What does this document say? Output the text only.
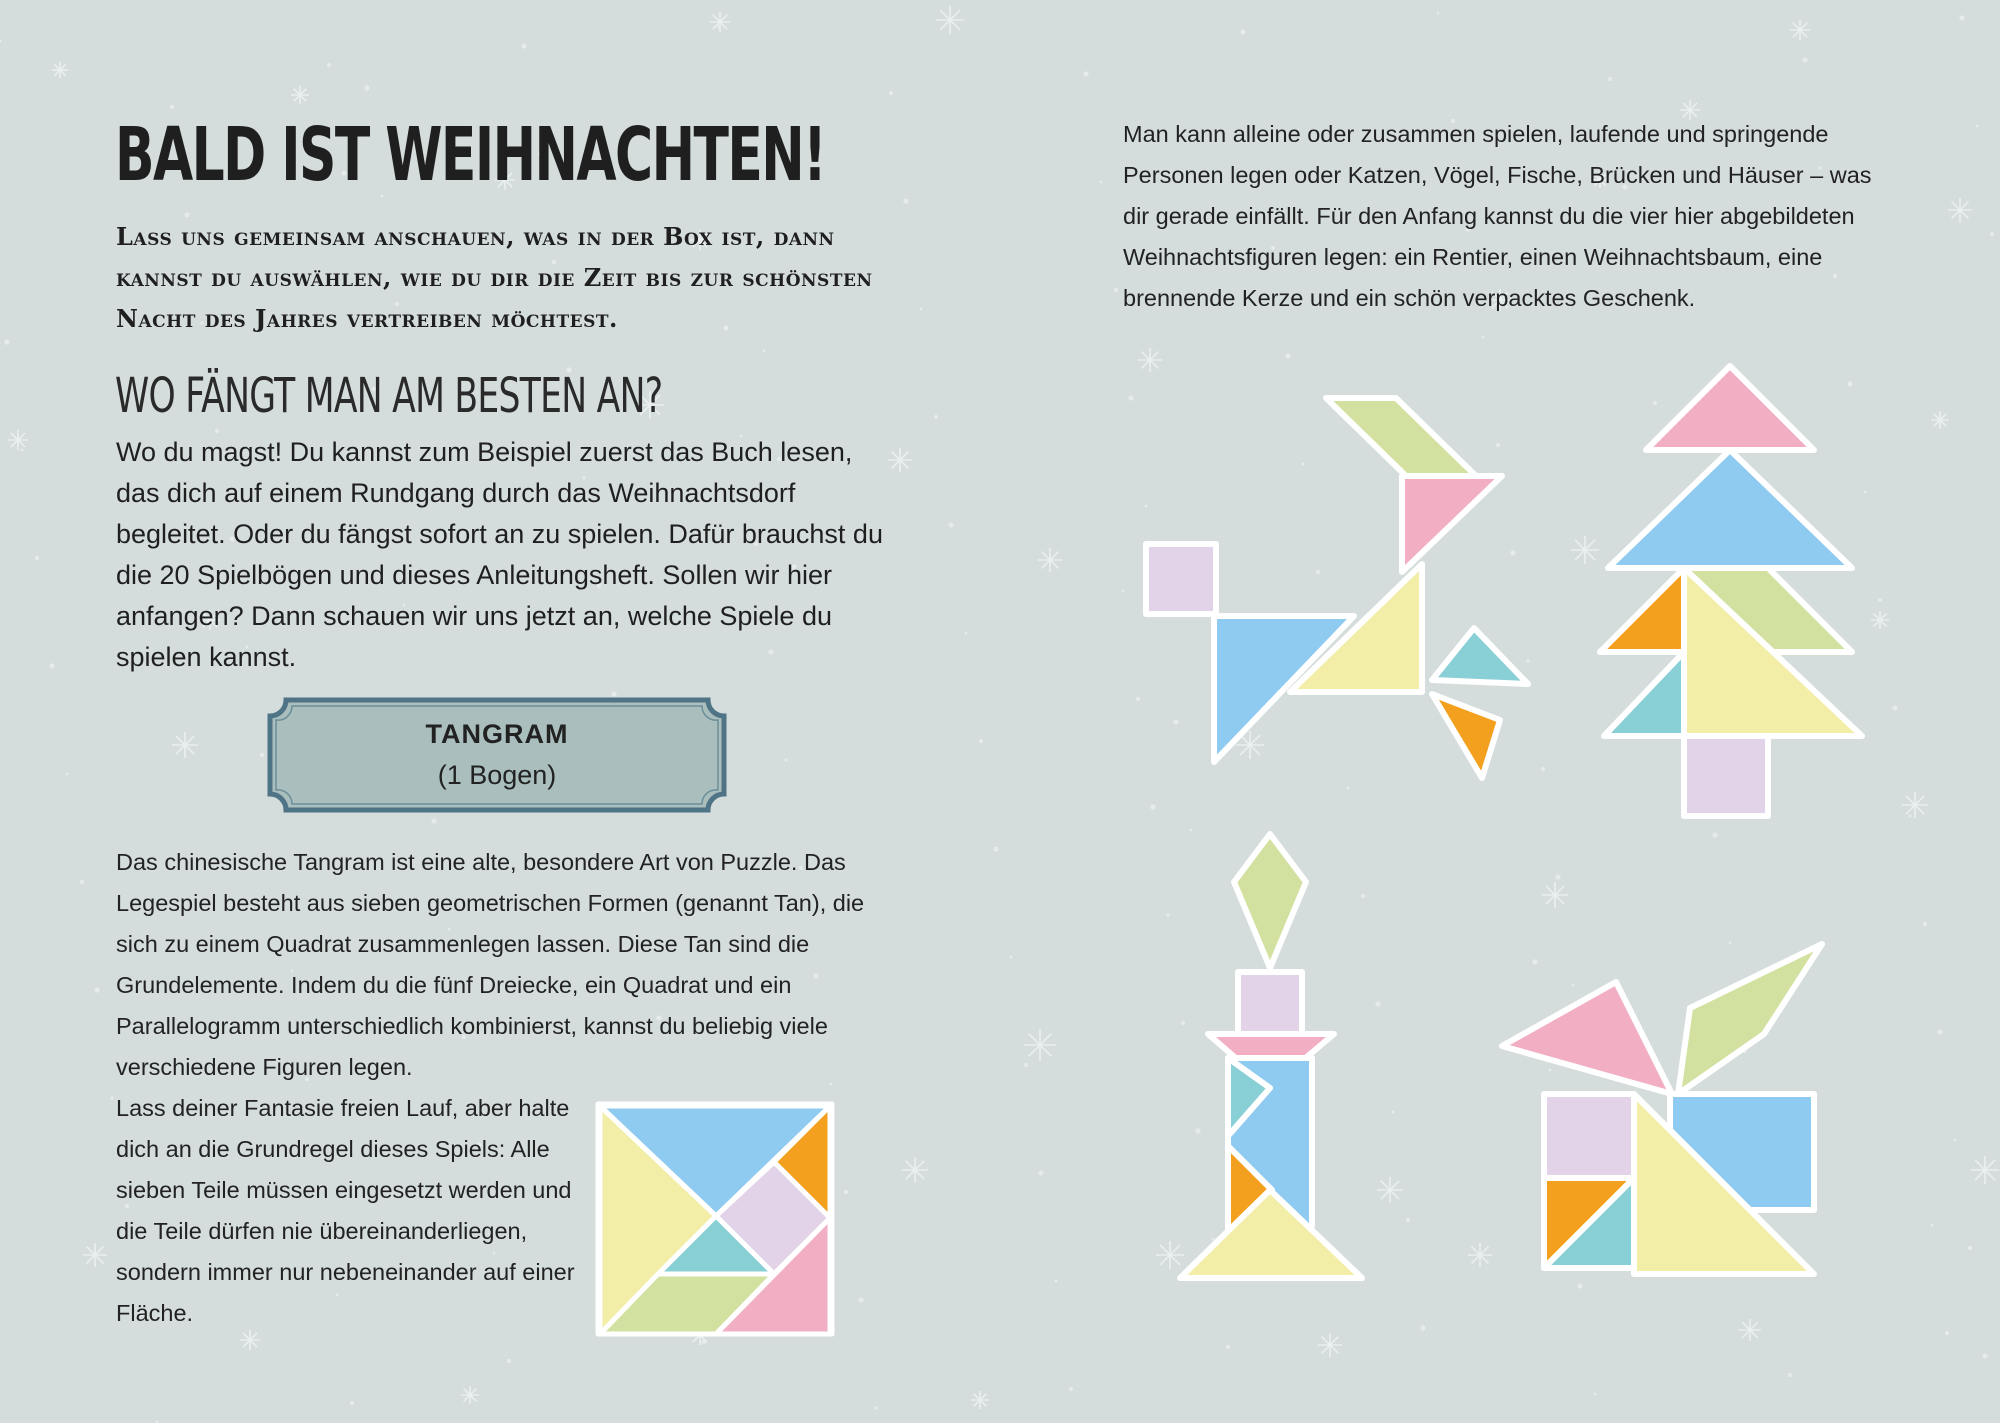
BALD IST WEIHNACHTEN!
Lass uns gemeinsam anschauen, was in der Box ist, dann kannst du auswählen, wie du dir die Zeit bis zur schönsten Nacht des Jahres vertreiben möchtest.
WO FÄNGT MAN AM BESTEN AN?
Wo du magst! Du kannst zum Beispiel zuerst das Buch lesen, das dich auf einem Rundgang durch das Weihnachtsdorf begleitet. Oder du fängst sofort an zu spielen. Dafür brauchst du die 20 Spielbögen und dieses Anleitungsheft. Sollen wir hier anfangen? Dann schauen wir uns jetzt an, welche Spiele du spielen kannst.
TANGRAM
(1 Bogen)
Das chinesische Tangram ist eine alte, besondere Art von Puzzle. Das Legespiel besteht aus sieben geometrischen Formen (genannt Tan), die sich zu einem Quadrat zusammenlegen lassen. Diese Tan sind die Grundelemente. Indem du die fünf Dreiecke, ein Quadrat und ein Parallelogramm unterschiedlich kombinierst, kannst du beliebig viele verschiedene Figuren legen.
Lass deiner Fantasie freien Lauf, aber halte dich an die Grundregel dieses Spiels: Alle sieben Teile müssen eingesetzt werden und die Teile dürfen nie übereinanderliegen, sondern immer nur nebeneinander auf einer Fläche.
Man kann alleine oder zusammen spielen, laufende und springende Personen legen oder Katzen, Vögel, Fische, Brücken und Häuser – was dir gerade einfällt. Für den Anfang kannst du die vier hier abgebildeten Weihnachtsfiguren legen: ein Rentier, einen Weihnachtsbaum, eine brennende Kerze und ein schön verpacktes Geschenk.
